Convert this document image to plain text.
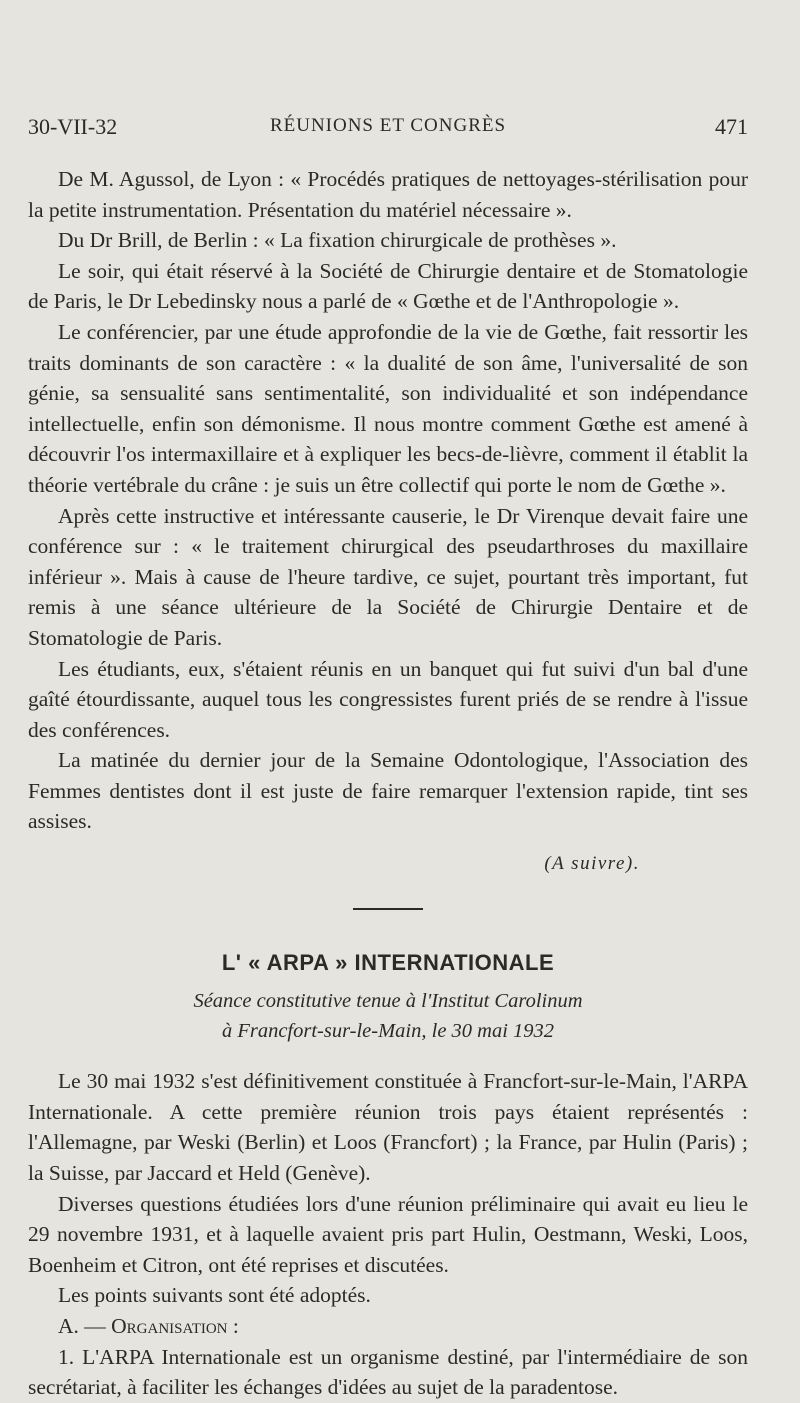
30-VII-32	RÉUNIONS ET CONGRÈS	471

De M. Agussol, de Lyon : « Procédés pratiques de nettoyages-stérilisation pour la petite instrumentation. Présentation du matériel nécessaire ».

Du Dr Brill, de Berlin : « La fixation chirurgicale de prothèses ».

Le soir, qui était réservé à la Société de Chirurgie dentaire et de Stomatologie de Paris, le Dr Lebedinsky nous a parlé de « Gœthe et de l'Anthropologie ».

Le conférencier, par une étude approfondie de la vie de Gœthe, fait ressortir les traits dominants de son caractère : « la dualité de son âme, l'universalité de son génie, sa sensualité sans sentimentalité, son individualité et son indépendance intellectuelle, enfin son démonisme. Il nous montre comment Gœthe est amené à découvrir l'os intermaxillaire et à expliquer les becs-de-lièvre, comment il établit la théorie vertébrale du crâne : je suis un être collectif qui porte le nom de Gœthe ».

Après cette instructive et intéressante causerie, le Dr Virenque devait faire une conférence sur : « le traitement chirurgical des pseudarthroses du maxillaire inférieur ». Mais à cause de l'heure tardive, ce sujet, pourtant très important, fut remis à une séance ultérieure de la Société de Chirurgie Dentaire et de Stomatologie de Paris.

Les étudiants, eux, s'étaient réunis en un banquet qui fut suivi d'un bal d'une gaîté étourdissante, auquel tous les congressistes furent priés de se rendre à l'issue des conférences.

La matinée du dernier jour de la Semaine Odontologique, l'Association des Femmes dentistes dont il est juste de faire remarquer l'extension rapide, tint ses assises.

(A suivre).
L' « ARPA » INTERNATIONALE
Séance constitutive tenue à l'Institut Carolinum
à Francfort-sur-le-Main, le 30 mai 1932

Le 30 mai 1932 s'est définitivement constituée à Francfort-sur-le-Main, l'ARPA Internationale. A cette première réunion trois pays étaient représentés : l'Allemagne, par Weski (Berlin) et Loos (Francfort) ; la France, par Hulin (Paris) ; la Suisse, par Jaccard et Held (Genève).

Diverses questions étudiées lors d'une réunion préliminaire qui avait eu lieu le 29 novembre 1931, et à laquelle avaient pris part Hulin, Oestmann, Weski, Loos, Boenheim et Citron, ont été reprises et discutées.

Les points suivants sont été adoptés.

A. — Organisation :

1. L'ARPA Internationale est un organisme destiné, par l'intermédiaire de son secrétariat, à faciliter les échanges d'idées au sujet de la paradentose.
